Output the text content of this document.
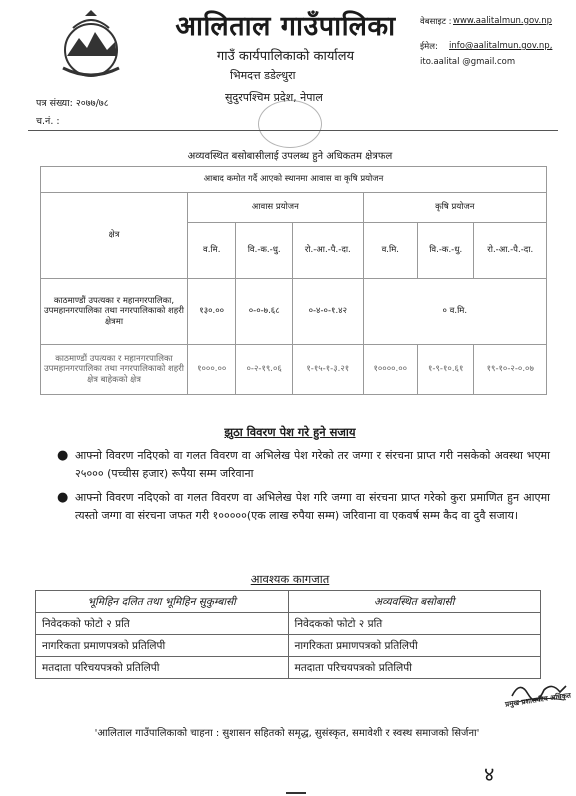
आलिताल गाउँपालिका
गाउँ कार्यपालिकाको कार्यालय
भिमदत्त डडेल्धुरा
सुदुरपश्चिम प्रदेश, नेपाल
वेबसाइट : www.aalitalmun.gov.np
ईमेल: info@aalitalmun.gov.np,
ito.aalital @gmail.com
पत्र संख्या: २०७७/७८
च.नं. :
अव्यवस्थित बसोबासीलाई उपलब्ध हुने अधिकतम क्षेत्रफल
आबाद कमोत गर्दै आएको स्थानमा आवास वा कृषि प्रयोजन						
क्षेत्र	आवास प्रयोजन			कृषि प्रयोजन		
	व.मि.	वि.-क.-धु.	रो.-आ.-पै.-दा.	व.मि.	वि.-क.-धु.	रो.-आ.-पै.-दा.
काठमाण्डौं उपत्यका र महानगरपालिका, उपमहानगरपालिका तथा नगरपालिकाको शहरी क्षेत्रमा	१३०.००	०-०-७.६८	०-४-०-१.४२	० व.मि.		
काठमाण्डौं उपत्यका र महानगरपालिका उपमहानगरपालिका तथा नगरपालिकाको शहरी क्षेत्र बाहेकको क्षेत्र	१०००.००	०-२-१९.०६	१-१५-१-३.२१	१००००.००	१-९-१०.६१	१९-१०-२-०.०७
झुठा विवरण पेश गरे हुने सजाय
● आफ्नो विवरण नदिएको वा गलत विवरण वा अभिलेख पेश गरेको तर जग्गा र संरचना प्राप्त गरी नसकेको अवस्था भएमा २५००० (पच्चीस हजार) रूपैया सम्म जरिवाना
● आफ्नो विवरण नदिएको वा गलत विवरण वा अभिलेख पेश गरि जग्गा वा संरचना प्राप्त गरेको कुरा प्रमाणित हुन आएमा त्यस्तो जग्गा वा संरचना जफत गरी १०००००(एक लाख रुपैया सम्म) जरिवाना वा एकवर्ष सम्म कैद वा दुवै सजाय।
आवश्यक कागजात
भूमिहिन दलित तथा भूमिहिन सुकुम्बासी	अव्यवस्थित बसोबासी
निवेदकको फोटो २ प्रति	निवेदकको फोटो २ प्रति
नागरिकता प्रमाणपत्रको प्रतिलिपी	नागरिकता प्रमाणपत्रको प्रतिलिपी
मतदाता परिचयपत्रको प्रतिलिपी	मतदाता परिचयपत्रको प्रतिलिपी
प्रमुख प्रशासकीय अधिकृत
'आलिताल गाउँपालिकाको चाहना : सुशासन सहितको समृद्ध, सुसंस्कृत, समावेशी र स्वस्थ समाजको सिर्जना'
४
